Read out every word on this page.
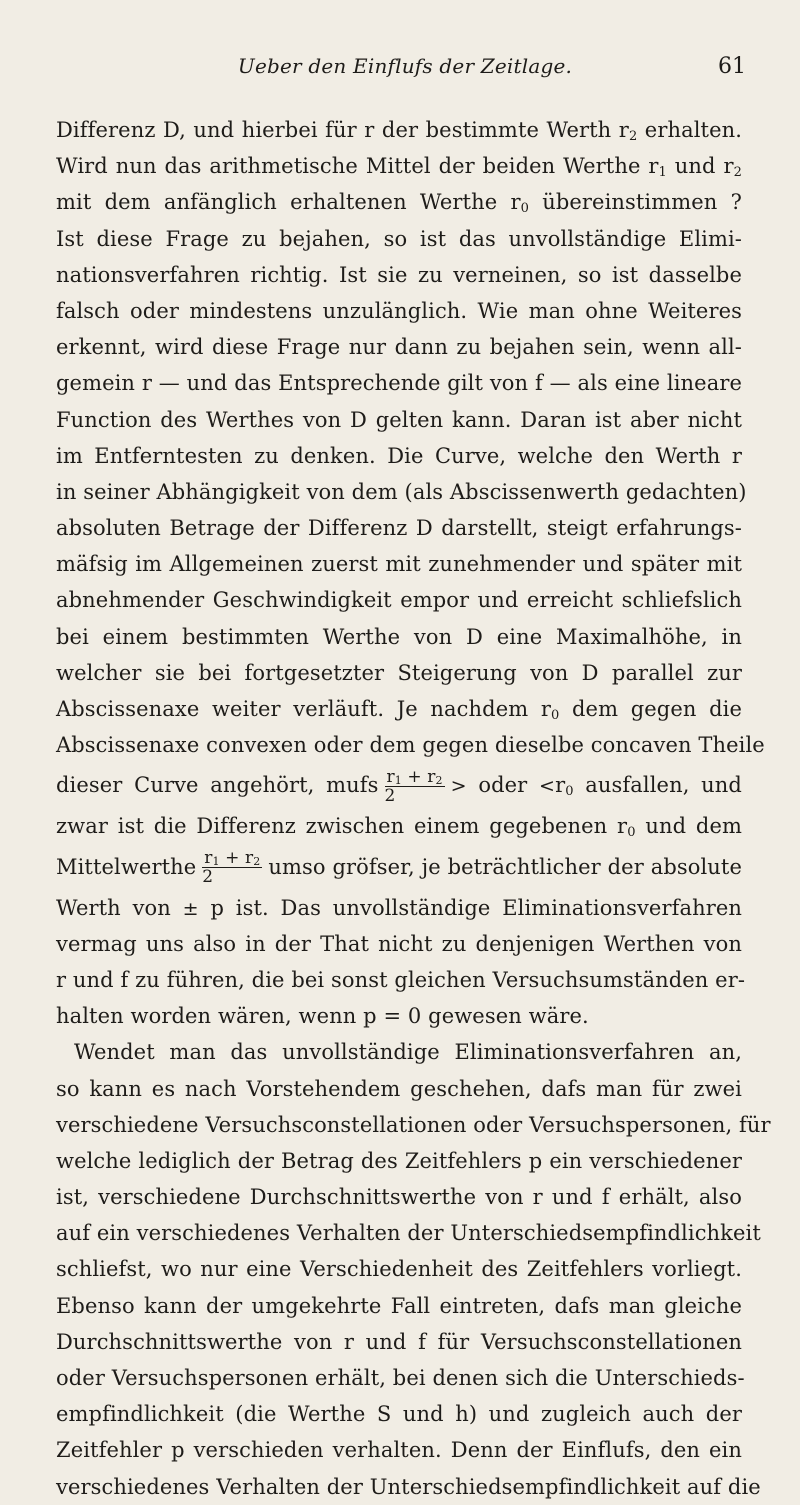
Ueber den Einflufs der Zeitlage.	61
Differenz D, und hierbei für r der bestimmte Werth $r_2$ erhalten.
Wird nun das arithmetische Mittel der beiden Werthe $r_1$ und $r_2$
mit dem anfänglich erhaltenen Werthe $r_0$ übereinstimmen ?
Ist diese Frage zu bejahen, so ist das unvollständige Elimi-
nationsverfahren richtig. Ist sie zu verneinen, so ist dasselbe
falsch oder mindestens unzulänglich. Wie man ohne Weiteres
erkennt, wird diese Frage nur dann zu bejahen sein, wenn all-
gemein r — und das Entsprechende gilt von f — als eine lineare
Function des Werthes von D gelten kann. Daran ist aber nicht
im Entferntesten zu denken. Die Curve, welche den Werth r
in seiner Abhängigkeit von dem (als Abscissenwerth gedachten)
absoluten Betrage der Differenz D darstellt, steigt erfahrungs-
mäfsig im Allgemeinen zuerst mit zunehmender und später mit
abnehmender Geschwindigkeit empor und erreicht schliefslich
bei einem bestimmten Werthe von D eine Maximalhöhe, in
welcher sie bei fortgesetzter Steigerung von D parallel zur
Abscissenaxe weiter verläuft. Je nachdem $r_0$ dem gegen die
Abscissenaxe convexen oder dem gegen dieselbe concaven Theile
dieser Curve angehört, mufs $\frac{r_1 + r_2}{2}$ > oder $<r_0$ ausfallen, und
zwar ist die Differenz zwischen einem gegebenen $r_0$ und dem
Mittelwerthe $\frac{r_1 + r_2}{2}$ umso gröfser, je beträchtlicher der absolute
Werth von ± p ist. Das unvollständige Eliminationsverfahren
vermag uns also in der That nicht zu denjenigen Werthen von
r und f zu führen, die bei sonst gleichen Versuchsumständen er-
halten worden wären, wenn p = 0 gewesen wäre.
Wendet man das unvollständige Eliminationsverfahren an,
so kann es nach Vorstehendem geschehen, dafs man für zwei
verschiedene Versuchsconstellationen oder Versuchspersonen, für
welche lediglich der Betrag des Zeitfehlers p ein verschiedener
ist, verschiedene Durchschnittswerthe von r und f erhält, also
auf ein verschiedenes Verhalten der Unterschiedsempfindlichkeit
schliefst, wo nur eine Verschiedenheit des Zeitfehlers vorliegt.
Ebenso kann der umgekehrte Fall eintreten, dafs man gleiche
Durchschnittswerthe von r und f für Versuchsconstellationen
oder Versuchspersonen erhält, bei denen sich die Unterschieds-
empfindlichkeit (die Werthe S und h) und zugleich auch der
Zeitfehler p verschieden verhalten. Denn der Einflufs, den ein
verschiedenes Verhalten der Unterschiedsempfindlichkeit auf die
